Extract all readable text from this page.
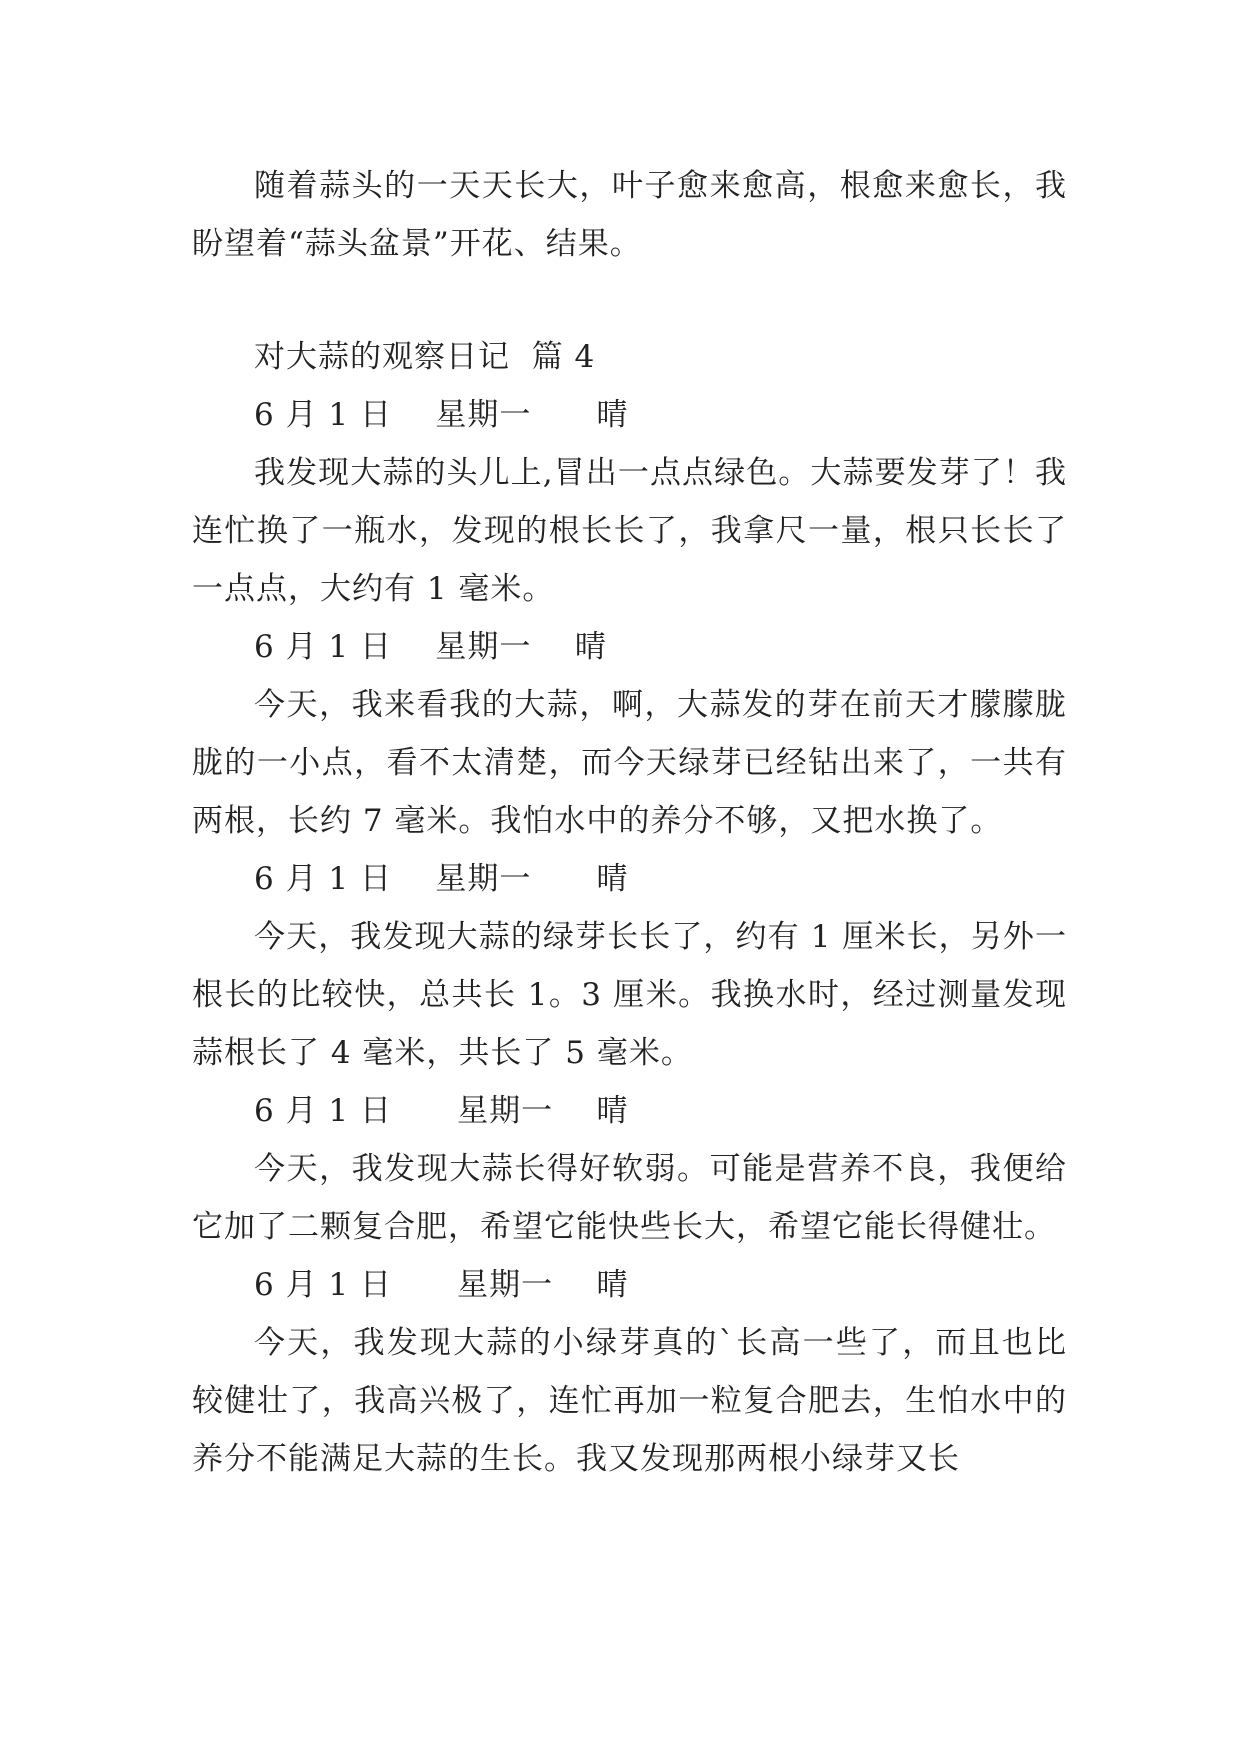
随着蒜头的一天天长大，叶子愈来愈高，根愈来愈长，我盼望着“蒜头盆景”开花、结果。

对大蒜的观察日记  篇 4

6 月 1 日    星期一      晴

我发现大蒜的头儿上,冒出一点点绿色。大蒜要发芽了！我连忙换了一瓶水，发现的根长长了，我拿尺一量，根只长长了一点点，大约有 1 毫米。

6 月 1 日    星期一    晴

今天，我来看我的大蒜，啊，大蒜发的芽在前天才朦朦胧胧的一小点，看不太清楚，而今天绿芽已经钻出来了，一共有两根，长约 7 毫米。我怕水中的养分不够，又把水换了。

6 月 1 日    星期一      晴

今天，我发现大蒜的绿芽长长了，约有 1 厘米长，另外一根长的比较快，总共长 1。3 厘米。我换水时，经过测量发现蒜根长了 4 毫米，共长了 5 毫米。

6 月 1 日      星期一    晴

今天，我发现大蒜长得好软弱。可能是营养不良，我便给它加了二颗复合肥，希望它能快些长大，希望它能长得健壮。

6 月 1 日      星期一    晴

今天，我发现大蒜的小绿芽真的`长高一些了，而且也比较健壮了，我高兴极了，连忙再加一粒复合肥去，生怕水中的养分不能满足大蒜的生长。我又发现那两根小绿芽又长
